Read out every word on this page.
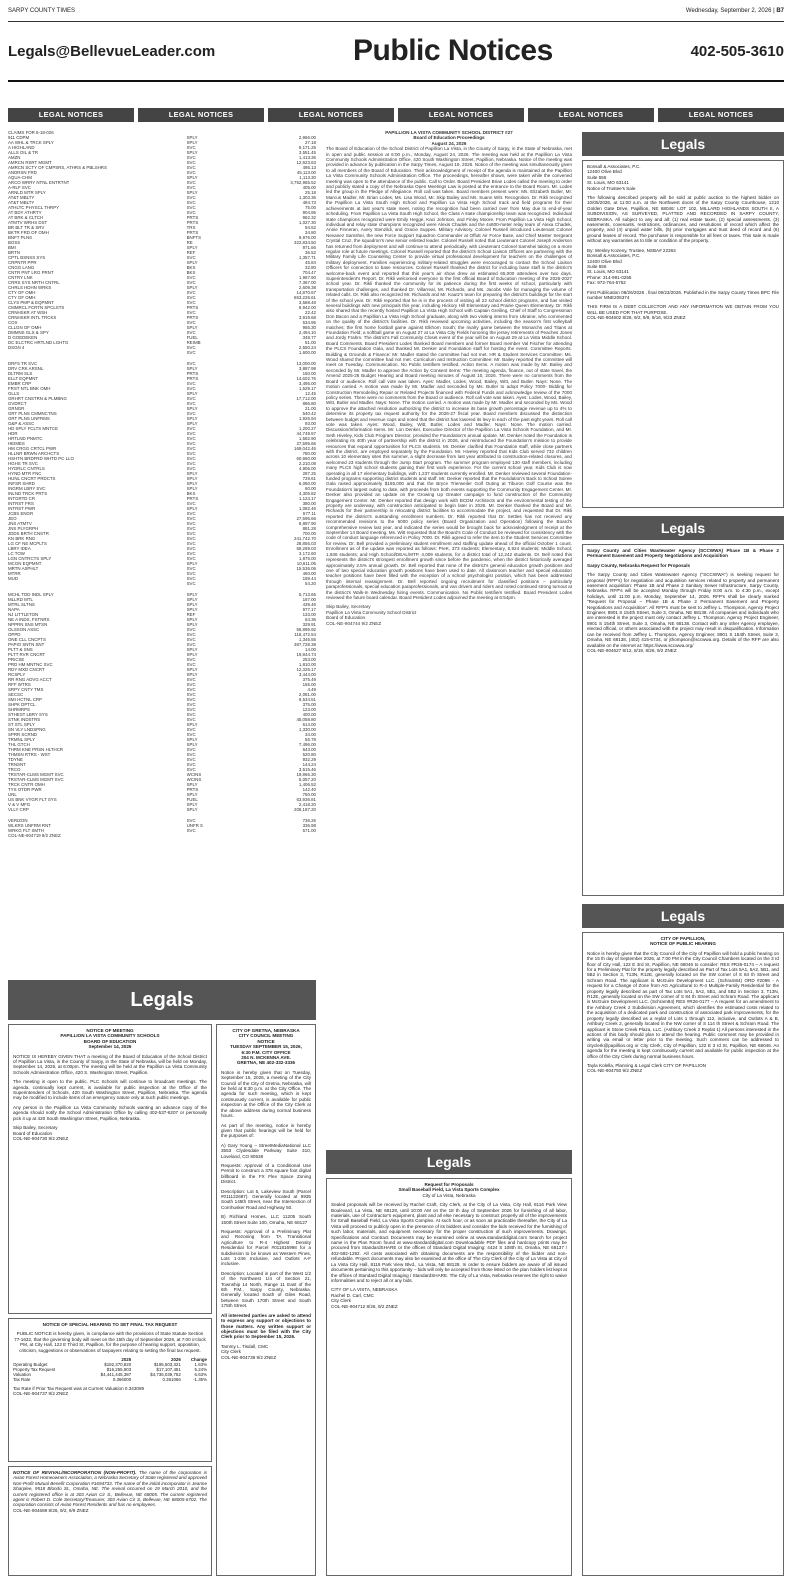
SARPY COUNTY TIMES	Wednesday, September 2, 2026 | B7
Legals@BellevueLeader.com	Public Notices	402-505-3610
LEGAL NOTICES	LEGAL NOTICES	LEGAL NOTICES	LEGAL NOTICES	LEGAL NOTICES	LEGAL NOTICES
CLAIMS FOR 6-18-026		
911 CDPM	SPLY	2,966.00
AA WHL & TRCK SPLY	SPLY	27.18
A HIGHLAND	SVC	9,171.25
ALLS OIL & TR	SPLY	3,551.45
AMZN	SVC	1,413.36
AMRCN RSRT MGMT	SVC	12,923.63
AMRCN SCTY OF CMPSRS, ATHRS & PBLSHRS	SVC	495.13
ANDRSN FRD	SVC	45,113.00
AQUA-CHM	SPLY	1,113.30
ARCO WRRY NTNL ENTRTNT	SVC	3,752,965.52
A-RLF SVC	SVC	405.00
ARNLD MTR SPLY	SPLY	25.18
AT&T MBLTY	SVC	1,303.36
AT&T MBLTY	SVC	484.73
ATHLTC PHYSCL THRPY	SVC	75.00
AT BDY ATHRTY	SVC	904.95
AT BRK & CLTCH	PRTS	962.32
ATMTV WRHS DST	PRTS	1,027.30
BR BLT TR & SRV	TRS	94.52
BKTR FRD OF OMH	PRTS	34.80
BNFT PLNS	BNFTS	9,976.00
BOSS	RE	322,834.50
BMI	SPLY	971.66
BRTN	REF	36.52
CPTL BSNSS SYS	SVC	1,357.71
CRPNTR PPR	SPLY	45.84
CNGG LANG	BKS	32.80
CNTR PNT LRG PRNT	BKS	704.47
CNTRY LNK	SVC	1,967.90
CRRS SYS NRTH CNTRL	SVC	7,367.00
CHRLS HDHN WRKS	SPLY	2,609.38
CTY OF OMH	SVC	14,870.67
CTY OF OMH	SVC	653,226.61
CLYS PMP & EQPMNT	SVC	3,588.48
CMMRCL FCRTN SPCLSTS	PRTS	8,942.00
CRNHSKR AT WSH	SVC	22.42
CRNHSKR INTL TRCKS	PRTS	3,919.68
COX	SVC	534.95
CLLGN OF OMH	SPLY	965.30
DMMNS GLS & SPY	SVC	2,494.10
D GOEDEKEN	FUEL	348.77
DC ELCTRC HRTLND LGHTG	REIMB	51.00
DSGN 4	SVC	2,550.24
	SVC	1,600.00
DRFS TR SVC	SVC	13,000.00
DRV CRK ARSNL	SPLY	3,887.98
DLTRM SLS	PRTS	150.00
ELLT EQPMNT	PRTS	14,602.76
EMBR CRP	SVC	3,495.00
FRST NTL BNK OMH	SVC	1,529.17
GLLS	SPLY	12.45
GRHRT CNSTRN & PLMBNG	SVC	17,712.00
GVDRCT	SVC	896.80
GRNGR	SPLY	21.00
GRT PLNS CMMNCTNS	SVC	540.42
GRT PLNS UNFRMS	SPLY	1,926.94
G&P & ASSC	SPLY	93.00
HD SPLY FCLTS MNTCE	SVC	1,200.27
HDR	SVC	44,749.57
HRTLND PNMTC	SVC	1,582.90
HEIMES	SVC	27,595.66
HM CRGG CRTCL PWR	SVC	169,042.46
HLLNR BRWN ARCHCTS	SVC	780.00
HSHTN BRDFRD WHTD PC LLO	SVC	60,960.00
HGHS TR SVC	SVC	2,210.08
HYDRLC CNTRLS	SVC	4,906.00
HYND MTR FNC	SPLY	287.25
HUNL CNCRT PRDCTS	SPLY	729.61
INFSR SHRD	SPLY	6,060.00
INGRM LBRY SVC	SPLY	60.00
INLND TRCK PRTS	BKS	4,305.82
INTGRTD CR	PRTS	1,124.17
INTRST FRS	SVC	380.00
INTRST PWR	SPLY	1,082.46
JCBS ENGR	SVC	577.11
JEO	SVC	27,595.66
JNS ATMTV	SVC	8,897.90
JNS PLYGRPH	SVC	881.28
JDDS BRTH CNSTR	SVC	700.00
KN BRK RNG	SVC	241,742.70
LG CF NE MCPLTS	SVC	28,856.03
LBRY IDEA	SVC	59,269.03
LC TOW	SVC	3,172.60
LGN CNTRCTS SPLY	SVC	1,875.00
MCGN EQPMNT	SPLY	10,611.06
MRTN ASPHLT	SVC	15,536.06
MTRR	SVC	460.00
MUD	SVC	189.44
	SVC	54.20
MCHL TDD INDL SPLY	SPLY	5,713.65
MLLRD MTL	SPLY	167.00
MTRL SLTNS	SPLY	439.46
NAPA	SPLY	977.17
NJ LITTLETON	REF	133.00
NE A INDS, FSTNRS	SPLY	64.36
NPPRN SNS MTSN	SPLY	329.91
OLSSON ASSC	SVC	56,895.92
OPPD	SVC	118,472.54
ONE CLL CNCPTS	SVC	1,346.55
PAPIO SNTN SNT	SVC	387,728.38
PLTT & SNS	SPLY	14.00
PLTT RVR CNCRT	SPLY	19,844.74
PRICSE	SVC	253.00
PRD HM MNTNC SVC	SVC	1,810.00
RDY MXD CNCRT	SPLY	12,325.17
RCSPLY	SPLY	3,444.00
RR RNG ADVG ACCT	SVC	375.49
RFF WTRS	SVC	155.00
SRPY CNTY TMS	SVC	4.49
SECSC	SVC	2,081.00
SMI HCTNL CRP	SVC	9,534.51
SHPK DPTCL	SVC	375.00
SHRMRPS	SVC	123.00
STHEST LBRY SYS	SVC	400.00
STNK INDSTRS	SVC	45,058.80
ST STL SPLY	SPLY	614.00
SN VLY LNDSPNG	SVC	1,330.00
SPRR SCRND	SVC	34.00
TRMNL SPLY	SPLY	55.78
THL GTCH	SPLY	7,496.00
THRM KNE PRSN HLTHCR	SVC	643.00
THMSN RTRS - WST	SVC	520.80
TDYNE	SVC	932.29
TRNSNT	SVC	144.24
TRCO	SVC	3,515.46
TRSTAR-CLMS MGMT SVC	WCINS	19,866.30
TRSTAR-CLMS MGMT SVC	WCINS	5,057.20
TRCK CNTR OMH	SPLY	1,406.52
TYS OTDR PWR	PRTS	142.40
UNL	SPLY	750.00
US BNK VYGR FLT SYS	FUEL	63,936.81
V & V MFG	SPLY	2,418.20
VLLY CRP	SPLY	208,187.20
VERIZON	SVC	736.26
WLKRS UNFRM RNT	UNFR S	336.98
WRKG FLT SMTH	SVC	571.00
COL-NE-904719 9/2 ZNEZ		
PAPILLION LA VISTA COMMUNITY SCHOOL DISTRICT #27
Board of Education Proceedings
August 24, 2026
The Board of Education of the School District of Papillion La Vista, in the County of Sarpy, in the State of Nebraska, met in open and public session at 6:00 p.m., Monday, August 24, 2026. The meeting was held at the Papillion La Vista Community Schools Administration Office, 420 South Washington Street, Papillion, Nebraska. Notice of the meeting was provided in advance by publication in the Sarpy Times, August 19, 2026. Notice of the meeting was simultaneously given to all members of the Board of Education. Their acknowledgment of receipt of the agenda is maintained at the Papillion La Vista Community Schools Administration Office. The proceedings, hereafter shown, were taken while the convened meeting was open to the attendance of the public. Call to Order. Board President Brian Lodes called the meeting to order and publicly stated a copy of the Nebraska Open Meetings Law is posted at the entrance to the Board Room. Mr. Lodes led the group in the Pledge of Allegiance. Roll call was taken. Board members present were: Ms. Elizabeth Butler, Mr. Marcus Madler, Mr. Brian Lodes, Ms. Lisa Wood, Mr. Skip Bailey and Ms. Suann Witt. Recognition. Dr. Rikli recognized the Papillion La Vista South High School and Papillion La Vista High School track and field programs for their achievements at last year's state meet, noting the recognition had been carried over from May due to end-of-year scheduling. From Papillion La Vista South High School, the Class A state championship team was recognized. Individual state champions recognized were Emily Hegge, Kaci Johnson, and Finley Moore. From Papillion La Vista High School, individual and relay state champions recognized were Alexis Chadek and the 4x800-meter relay team of Alexa Chadek, Annie Finneran, Avery Stenzildi, and Gracie Suppes. Military Advisory. Colonel Russell introduced Lieutenant Colonel Nevanez Samshei, the new Force Support Squadron Commander at Offutt Air Force Base, and Chief Master Sergeant Crystal Cruz, the squadron's new senior enlisted leader. Colonel Russell noted that Lieutenant Colonel Joseph Anderson has returned from deployment and will continue to attend periodically, with Lieutenant Colonel Samshei taking on a more regular role at future meetings. Colonel Russell reported that the district's School Liaison Officers are partnering with the Military Family Life Counseling Center to provide virtual professional development for teachers on the challenges of military deployment. Families experiencing military-related struggles were encouraged to contact the School Liaison Officers for connection to base resources. Colonel Russell thanked the district for including base staff in the district's welcome-back event and reported that this year's air show drew an estimated 65,000 attendees over two days. Superintendent's Report. Dr. Rikli welcomed everyone to the first official Board of Education meeting of the 2026-2027 school year. Dr. Rikli thanked the community for its patience during the first weeks of school, particularly with transportation challenges, and thanked Dr. Villarreal, Mr. Richards, and Ms. Jacobs Vole for managing the volume of related calls. Dr. Rikli also recognized Mr. Richards and Mr. Kautz's team for preparing the district's buildings for the start of the school year. Dr. Rikli reported that he is in the process of visiting all 22 school district programs, and has visited several buildings with new principals this year, including Hickory Hill Elementary and Prairie Queen Elementary. Dr. Rikli also shared that the recently hosted Papillion La Vista High School with Captain Greiling, Chief of Staff to Congressman Don Bacon and a Papillion La Vista High School graduate, along with two visiting interns from Ukraine, who commented on the quality of the district's facilities. Dr. Rikli reviewed upcoming activities, including the season's first volleyball matches; the first home football game against Elkhorn South; the rivalry game between the Monarchs and Titans at Foundation Field; a softball game on August 27 at La Vista City Fields honoring the jersey retirements of Peaches Jones and Jordy Frahm. The district's Fall Community Closet event of the year will be on August 29 at La Vista Middle School. Board Comments. Board President Lodes thanked Board members and former Board member Val Fischer for attending the PLCS Foundation Gala, and thanked Mr. Denker and Foundation staff for hosting the event. Committee Reports. Building & Grounds & Finance: Mr. Madler stated the committee had not met. HR & Student Services Committee: Ms. Wood shared the committee had not met. Curriculum and Instruction Committee: Mr. Bailey reported the committee will meet on Tuesday. Communication. No Public testifiers testified. Action Items. A motion was made by Mr. Bailey and seconded by Mr. Madler to approve the Action by Consent items: The meeting agenda, finance, out of state travel, the Amend 2025-26 Budget Hearing and Board meeting minutes of August 10, 2026. There were no comments from the Board or audience. Roll call vote was taken. Ayes: Madler, Lodes, Wood, Bailey, Witt, and Butler. Nays: None. The motion carried. A motion was made by Mr. Madler and seconded by Ms. Butler to adopt Policy 7000- Bidding for Construction Remodeling Repair or Related Projects financed with Federal Funds and acknowledge review of the 7000 policy series. There were no comments from the Board or audience. Roll call vote was taken. Ayes: Lodes, Wood, Bailey, Witt, Butler and Madler. Nays: None. The motion carried. A motion was made by Mr. Madler and seconded by Ms. Wood to approve the attached resolution authorizing the district to increase its base growth percentage revenue up to 4% to determine its property tax request authority for the 2026-27 fiscal year. Board members discussed the distinction between budget and revenue caps and noted that the district has lowered its levy in each of the past eight years. Roll call vote was taken. Ayes: Wood, Bailey, Witt, Butler, Lodes and Madler. Nays: None. The motion carried. Discussion/Information Items. Mr. Lon Denker, Executive Director of the Papillion La Vista Schools Foundation, and Mr. Seth Hiveley, Kids Club Program Director, provided the Foundation's annual update. Mr. Denker noted the Foundation is celebrating its 40th year of partnership with the district in 2026, and reintroduced the Foundation's mission to provide resources that expand opportunities for PLCS students. Mr. Denker clarified that Foundation staff, while close partners with the district, are employed separately by the Foundation. Mr. Hiveley reported that Kids Club served 732 children across 10 elementary sites this summer, a slight decrease from last year attributed to construction-related closures, and welcomed 23 students through the Jump Start program. The summer program employed 130 staff members, including many PLCS high school students gaining their first work experience. For the current school year, Kids Club is now operating in all 17 elementary buildings, with 1,237 students currently enrolled. Mr. Denker reviewed several Foundation-funded programs supporting district students and staff. Mr. Denker reported that the Foundation's Back to School Soiree Gala raised approximately $165,000 and that the Bryce Trierweiler Golf Outing at Tiburon Golf Course was the Foundation's largest outing to date, with proceeds from both events supporting the Community Engagement Center. Mr. Denker also provided an update on the Growing Up Greater campaign to fund construction of the Community Engagement Center. Mr. Denker reported that design work with BCDM Architects and the environmental testing of the property are underway, with construction anticipated to begin later in 2026. Mr. Denker thanked the Board and Mr. Richards for their partnership in relocating district facilities to accommodate the project, and requested that Dr. Rikli reported the district's outstanding enrollment numbers. Dr. Rikli reported that Dr. Settles has not received any recommended revisions to the 6000 policy series (Board Organization and Operation) following the Board's comprehensive review last year, and indicated the series would be brought back for acknowledgment of receipt at the September 14 Board meeting. Ms. Witt requested that the Board's Code of Conduct be reviewed for consistency with the code of conduct language referenced in Policy 7000. Dr. Rikli agreed to refer the item to the Student Services Committee for review. Dr. Bell provided a preliminary student enrollment and staffing update ahead of the official October 1 count. Enrollment as of the update was reported as follows: PreK, 373 students; Elementary, 5,924 students; Middle School, 1,936 students; and High School/DEAL/MTP, 4,009 students, for a district total of 12,242 students. Dr. Bell noted this represents the district's strongest enrollment growth since before the pandemic, when the district historically averaged approximately 2.5% annual growth. Dr. Bell reported that none of the district's general education growth positions and one of two special education growth positions have been used to date. All classroom teacher and special education teacher positions have been filled with the exception of a school psychologist position, which has been addressed through internal reassignment. Dr. Bell reported ongoing recruitment for classified positions – particularly paraprofessionals, special education paraprofessionals, and van drivers and riders and noted continued strong turnout at the district's Walk-In Wednesday hiring events. Communication. No Public testifiers testified. Board President Lodes reviewed the future board calendar. Board President Lodes adjourned the meeting at 6:54pm.
Skip Bailey, Secretary
Papillion La Vista Community School District
Board of Education
COL-NE-904744 9/2 ZNEZ
Legals
Bonsall & Associates, P.C.
12400 Olive Blvd
Suite 555
St. Louis, MO 63141
Notice of Trustee's Sale
The following described property will be sold at public auction to the highest bidder on 10/05/2026, at 11:00 a.m. at the Northwest doors of the Sarpy County Courthouse, 1210 Golden Gate Drive, Papillion, NE 68046: LOT 102, MILLARD HIGHLANDS SOUTH II, A SUBDIVISION, AS SURVEYED, PLATTED AND RECORDED IN SARPY COUNTY, NEBRASKA. All subject to any and all: (1) real estate taxes, (2) special assessments, (3) easements, covenants, restrictions, ordinances, and resolutions of record which affect the property, and (4) unpaid water bills, (5) prior mortgages and trust deed of record and (6) ground leases of record. The purchaser is responsible for all fees or taxes. This sale is made without any warranties as to title or condition of the property.
By: Wesley Kozeny, Trustee, NSBA# 22363
Bonsall & Associates, P.C.
12400 Olive Blvd
Suite 555
St. Louis, MO 63141
Phone: 314-991-0255
Fax: 972-764-5752
First Publication 08/26/2026 , final 09/23/2026. Published in the Sarpy County Times BPC File number MNE206374
THIS FIRM IS A DEBT COLLECTOR AND ANY INFORMATION WE OBTAIN FROM YOU WILL BE USED FOR THAT PURPOSE.
COL-NE-904602 8/26, 9/2, 9/9, 9/16, 9/23 ZNEZ
Legals
Sarpy County and Cities Wastewater Agency (SCCWWA) Phase 1B & Phase 2 Permanent Easement and Property Negotiations and Acquisition
Sarpy County, Nebraska Request for Proposals
The Sarpy County and Cities Wastewater Agency ("SCCWWA") is seeking request for proposal (RFP's) for negotiation and acquisition services related to property and permanent easement acquisition: Phase 1B and Phase 2 Sanitary Sewer Infrastructure, Sarpy County, Nebraska. RFP's will be accepted Monday through Friday 8:00 a.m. to 4:30 p.m., except holidays, until 11:00 p.m. Monday, September 14, 2026. RFP's shall be clearly marked "Request for Proposal – Phase 1B & Phase 2 Permanent Easement and Property Negotiations and Acquisition". All RFP's must be sent to Jeffrey L. Thompson, Agency Project Engineer, 8901 S 154th Street, Suite 3, Omaha, NE 68138. All companies and individuals who are interested in the project must only contact Jeffrey L. Thompson, Agency Project Engineer, 8901 S 154th Street, Suite 3, Omaha, NE 68138. Contact with any other Agency employee, elected official, or others associated with the project may result in disqualification. Information can be received from Jeffrey L. Thompson, Agency Engineer, 8901 S 154th Street, Suite 3, Omaha, NE 68138, (402) 415-6734, or jthompson@sccwwa.org. Details of the RFP are also available on the internet at: https://www.sccwwa.org/
COL-NE-904627 8/12, 8/19, 8/26, 9/2 ZNEZ
Legals
CITY OF PAPILLION,
NOTICE OF PUBLIC HEARING
Notice is hereby given that the City Council of the City of Papillion will hold a public hearing on the 15 th day of September 2026, at 7:00 PM in the City Council Chambers located on the 3 rd floor of City Hall, 122 E 3rd St, Papillion, NE 68046 to consider: RES #R26-0174 – A request for a Preliminary Plat for the property legally described as Part of Tax Lots 5A1, 5A2, 5B1, and 5B2 in Section 3, T13N, R12E, generally located on the SW corner of S 84 th Street and Schram Road. The applicant is McGuire Development LLC. (Schram84) ORD #2098 - A request for a Change of Zone from AG Agricultural to R-4 Multiple-Family Residential for the property legally described as part of Tax Lots 5A1, 5A2, 5B1, and 5B2 in Section 3, T13N, R12E, generally located on the SW corner of S 84 th Street and Schram Road. The applicant is McGuire Development LLC. (Schram84) RES #R26-0177 – A request for an amendment to the Ashbury Creek 2 Subdivision Agreement, which identifies the estimated costs related to the acquisition of a dedicated park and construction of associated park improvements, for the property legally described as a replat of Lots 1 through 112, inclusive, and Outlots A & B, Ashbury Creek 2, generally located in the NW corner of S 114 th Street & Schram Road. The applicant is Stone Creek Plaza, LLC. (Ashbury Creek 2 Replat 1) All persons interested in the actions of this body should plan to attend the hearing. Public comment may be provided in writing via email or letter prior to the meeting. Such comment can be addressed to cityclerk@papillion.org or City Clerk, City of Papillion, 122 E 3 rd St, Papillion, NE 68046. An agenda for the meeting is kept continuously current and available for public inspection at the office of the City Clerk during normal business hours.
Tayla Kolella, Planning & Legal Clerk CITY OF PAPILLION
COL-NE-904750 9/2 ZNEZ
Legals
NOTICE OF MEETING
PAPILLION LA VISTA COMMUNITY SCHOOLS
BOARD OF EDUCATION
September 14, 2026
NOTICE IS HEREBY GIVEN THAT a meeting of the Board of Education of the School District of Papillion La Vista, in the County of Sarpy, in the State of Nebraska, will be held on Monday, September 14, 2026, at 6:00pm. The meeting will be held at the Papillion La Vista Community Schools Administration Office, 420 S. Washington Street, Papillion.
The meeting is open to the public. PLC Schools will continue to broadcast meetings. The agenda, continually kept current, is available for public inspection at the Office of the Superintendent of Schools, 420 South Washington Street, Papillion, Nebraska. The agenda may be modified to include items of an emergency nature only at such public meetings.
Any person in the Papillion La Vista Community Schools wanting an advance copy of the agenda should notify the School Administration Office by calling 402-537-6207 or personally pick it up at 420 South Washington Street, Papillion, Nebraska.
Skip Bailey, Secretary
Board of Education
COL-NE-904730 9/2 ZNEZ
CITY OF GRETNA, NEBRASKA
CITY COUNCIL MEETING
NOTICE
TUESDAY SEPTEMBER 15, 2026,
6:30 P.M. CITY OFFICE
204 N. MCKENNA AVE.
GRETNA, NE 402-332-3336
Notice is hereby given that on Tuesday, September 15, 2026, a meeting of the City Council of the City of Gretna, Nebraska, will be held at 6:30 p.m. at the City Office. The agenda for such meeting, which is kept continuously current, is available for public inspection at the Office of the City Clerk at the above address during normal business hours.
As part of the meeting, notice is hereby given that public hearings will be held for the purposes of:
A) Gary Young – StreetMediaNational LLC 3553 Clydesdale Parkway Suite 310, Loveland, CO 80538
Requests: Approval of a Conditional Use Permit to construct a 378 square foot digital billboard in the FX Flex Space Zoning District.
Description: Lot 5, Lakeview South (Parcel #011122687). Generally located at 9935 South 145th Street, near the Intersection of Cornhusker Road and Highway 50.
B) Richland Homes, LLC 11205 South 150th Street Suite 100, Omaha, NE 68127
Requests: Approval of a Preliminary Plat and Rezoning from TA Transitional Agriculture to R-4 Highest Density Residential for Parcel #011816998 for a subdivision to be known as Western Pines, Lots 1-246 Inclusive, and Outlots A-F inclusive.
Description: Located in part of the West 1/2 of the Northwest 1/4 of Section 21, Township 14 North, Range 11 East of the 6th P.M., Sarpy County, Nebraska. Generally located South of Giles Road, between South 170th Street and South 175th Street.
All interested parties are asked to attend to express any support or objections to those matters. Any written support or objections must be filed with the City Clerk prior to September 15, 2026.
Tammy L. Tisdall, CMC
City Clerk
COL-NE-904738 9/2 ZNEZ
NOTICE OF SPECIAL HEARING TO SET FINAL TAX REQUEST
PUBLIC NOTICE is hereby given, in compliance with the provisions of State Statute Section 77-1632, that the governing body will meet on the 15th day of September 2026, at 7:00 o'clock PM, at City Hall, 122 E Third St, Papillion, for the purpose of hearing support, opposition, criticism, suggestions or observations of taxpayers relating to setting the final tax request.
	2025	2026	Change
Operating Budget	$192,370,820	$195,503,321	1.63%
Property Tax Request	$16,255,903	$17,107,451	5.24%
Valuation	$4,441,445,387	$4,736,039,762	6.63%
Tax Rate	0.366000	0.361066	-1.35%
Tax Rate if Prior Tax Request was at Current Valuation 0.343089
COL-NE-904737 9/2 ZNEZ
NOTICE OF REVIVAL/INCORPORATION (NON-PROFIT). The name of the corporation is Avian Forest Homeowners Association, a Nebraska Secretary of State registered and approved Non-Profit Mutual Benefit Corporation #1694733. The name of the initial incorporator is Jeanne Sharplee, 9518 Blondo St., Omaha, NE. The revival occurred on 19 March 2010, and the current registered office is at 303 Avian Cir S., Bellevue, NE 68005. The current registered agent is Robert D. Cole Secretary/Treasurer, 303 Avian Cir S, Bellevue, NE 68005-6702. The corporation consists of Avian Forest Residents and has no employees.
COL-NE-904689 8/26, 9/2, 9/9 ZNEZ
Legals
Request for Proposals
Small Baseball Field, La Vista Sports Complex
City of La Vista, Nebraska
Sealed proposals will be received by Rachel Craft, City Clerk, at the City of La Vista, City Hall, 8116 Park View Boulevard, La Vista, NE 68128, until 10:00 AM on the 18 th day of September 2026 for furnishing of all labor, materials, use of Contractor's equipment, plant and all else necessary to construct properly all of the improvements for Small Baseball Field, La Vista Sports Complex. At such hour, or as soon as practicable thereafter, the City of La Vista will proceed to publicly open in the presence of its bidders and consider the bids received for the furnishing of such labor, materials, and equipment necessary for the proper construction of such improvements. Drawings, Specifications and Contract Documents may be examined online at www.standarddigital.com Search for project name in the Plan Room found at www.standarddigital.com Downloadable PDF files and hardcopy prints may be procured from StandardSHARE or the offices of Standard Digital Imaging: 4424 S 108th St, Omaha, NE 68137 / 402-592-1292. All costs associated with obtaining documents are the responsibility of the bidder and non-refundable. Project documents may also be examined at the office of The City Clerk of the City of La Vista at City of La Vista City Hall, 8116 Park View Blvd., La Vista, NE 68128. In order to ensure bidders are aware of all issued documents pertaining to this opportunity – bids will only be accepted from those listed on the plan holders list kept at the offices of Standard Digital Imaging / StandardSHARE. The City of La Vista, Nebraska reserves the right to waive informalities and to reject all or any bids.
CITY OF LA VISTA, NEBRASKA
Rachel D. Carl, CMC
City Clerk
COL-NE-904712 8/26, 9/2 ZNEZ
